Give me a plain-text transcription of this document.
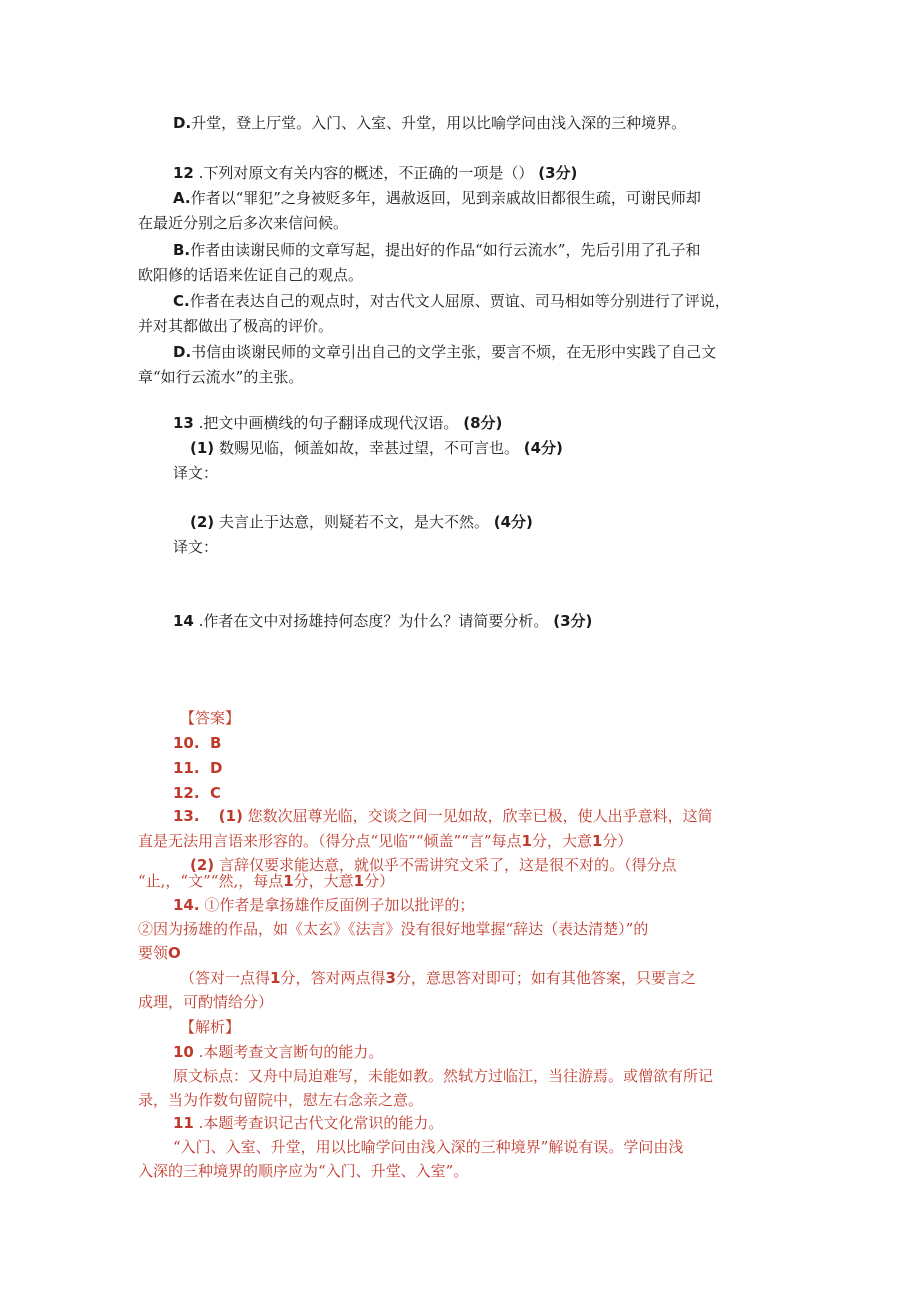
D.升堂，登上厅堂。入门、入室、升堂，用以比喻学问由浅入深的三种境界。
12 .下列对原文有关内容的概述，不正确的一项是（） (3分)
A.作者以“罪犯”之身被贬多年，遇赦返回，见到亲戚故旧都很生疏，可谢民师却
在最近分别之后多次来信问候。
B.作者由读谢民师的文章写起，提出好的作品“如行云流水”，先后引用了孔子和
欧阳修的话语来佐证自己的观点。
C.作者在表达自己的观点时，对古代文人屈原、贾谊、司马相如等分别进行了评说，
并对其都做出了极高的评价。
D.书信由谈谢民师的文章引出自己的文学主张，要言不烦，在无形中实践了自己文
章“如行云流水”的主张。
13 .把文中画横线的句子翻译成现代汉语。 (8分)
(1) 数赐见临，倾盖如故，幸甚过望，不可言也。 (4分)
译文：
(2) 夫言止于达意，则疑若不文，是大不然。 (4分)
译文：
14 .作者在文中对扬雄持何态度？为什么？请简要分析。 (3分)
【答案】
10. B
11. D
12. C
13. (1) 您数次屈尊光临，交谈之间一见如故，欣幸已极，使人出乎意料，这简
直是无法用言语来形容的。（得分点“见临”“倾盖”“言”每点1分，大意1分）
(2) 言辞仅要求能达意，就似乎不需讲究文采了，这是很不对的。（得分点
“止,，“文”“然,，每点1分，大意1分）
14. ①作者是拿扬雄作反面例子加以批评的；
②因为扬雄的作品，如《太玄》《法言》没有很好地掌握“辞达（表达清楚）”的
要领O
（答对一点得1分，答对两点得3分，意思答对即可；如有其他答案，只要言之
成理，可酌情给分）
【解析】
10 .本题考查文言断句的能力。
原文标点：又舟中局迫难写，未能如教。然轼方过临江，当往游焉。或僧欲有所记
录，当为作数句留院中，慰左右念亲之意。
11 .本题考查识记古代文化常识的能力。
“入门、入室、升堂，用以比喻学问由浅入深的三种境界”解说有误。学问由浅
入深的三种境界的顺序应为“入门、升堂、入室”。
